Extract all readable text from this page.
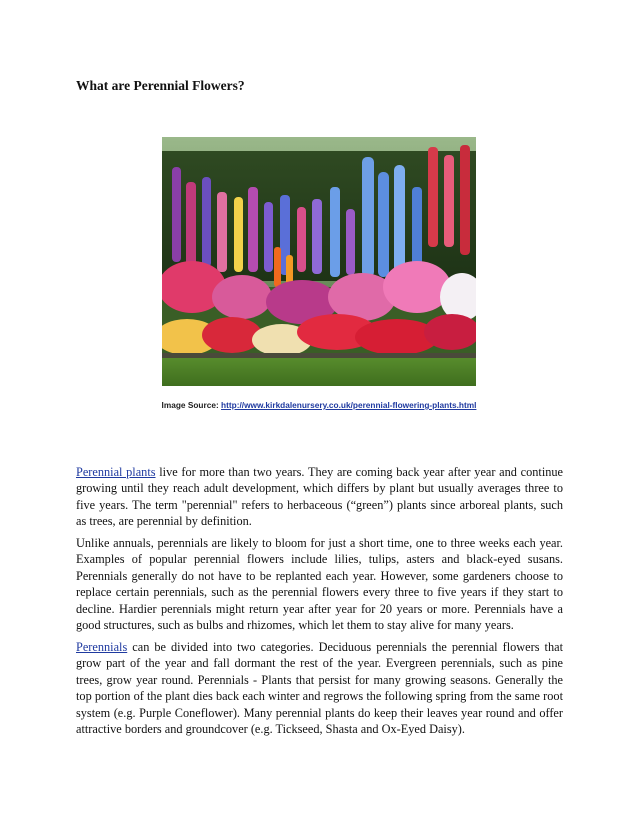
What are Perennial Flowers?

Image Source: http://www.kirkdalenursery.co.uk/perennial-flowering-plants.html

Perennial plants live for more than two years. They are coming back year after year and continue growing until they reach adult development, which differs by plant but usually averages three to five years. The term "perennial" refers to herbaceous (“green”) plants since arboreal plants, such as trees, are perennial by definition.

Unlike annuals, perennials are likely to bloom for just a short time, one to three weeks each year. Examples of popular perennial flowers include lilies, tulips, asters and black-eyed susans. Perennials generally do not have to be replanted each year. However, some gardeners choose to replace certain perennials, such as the perennial flowers every three to five years if they start to decline. Hardier perennials might return year after year for 20 years or more. Perennials have a good structures, such as bulbs and rhizomes, which let them to stay alive for many years.

Perennials can be divided into two categories. Deciduous perennials the perennial flowers that grow part of the year and fall dormant the rest of the year. Evergreen perennials, such as pine trees, grow year round. Perennials - Plants that persist for many growing seasons. Generally the top portion of the plant dies back each winter and regrows the following spring from the same root system (e.g. Purple Coneflower). Many perennial plants do keep their leaves year round and offer attractive borders and groundcover (e.g. Tickseed, Shasta and Ox-Eyed Daisy).
